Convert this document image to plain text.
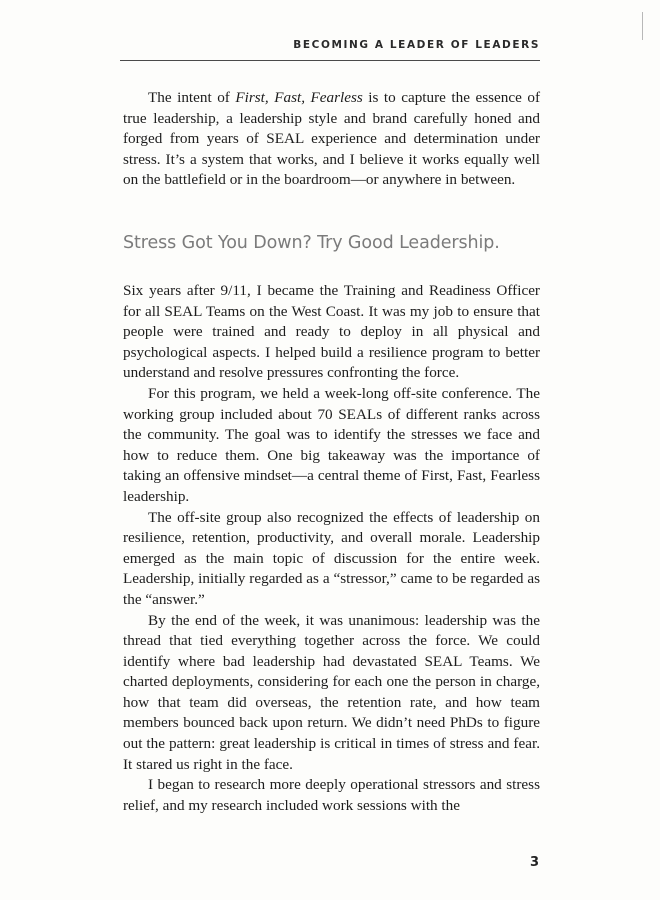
BECOMING A LEADER OF LEADERS

The intent of First, Fast, Fearless is to capture the essence of true leadership, a leadership style and brand carefully honed and forged from years of SEAL experience and determination under stress. It’s a system that works, and I believe it works equally well on the battlefield or in the boardroom—or anywhere in between.

Stress Got You Down? Try Good Leadership.

Six years after 9/11, I became the Training and Readiness Officer for all SEAL Teams on the West Coast. It was my job to ensure that people were trained and ready to deploy in all physical and psychological aspects. I helped build a resilience program to better understand and resolve pressures confronting the force.

For this program, we held a week-long off-site conference. The working group included about 70 SEALs of different ranks across the community. The goal was to identify the stresses we face and how to reduce them. One big takeaway was the importance of taking an offensive mindset—a central theme of First, Fast, Fearless leadership.

The off-site group also recognized the effects of leadership on resilience, retention, productivity, and overall morale. Leadership emerged as the main topic of discussion for the entire week. Leadership, initially regarded as a “stressor,” came to be regarded as the “answer.”

By the end of the week, it was unanimous: leadership was the thread that tied everything together across the force. We could identify where bad leadership had devastated SEAL Teams. We charted deployments, considering for each one the person in charge, how that team did overseas, the retention rate, and how team members bounced back upon return. We didn’t need PhDs to figure out the pattern: great leadership is critical in times of stress and fear. It stared us right in the face.

I began to research more deeply operational stressors and stress relief, and my research included work sessions with the

3
